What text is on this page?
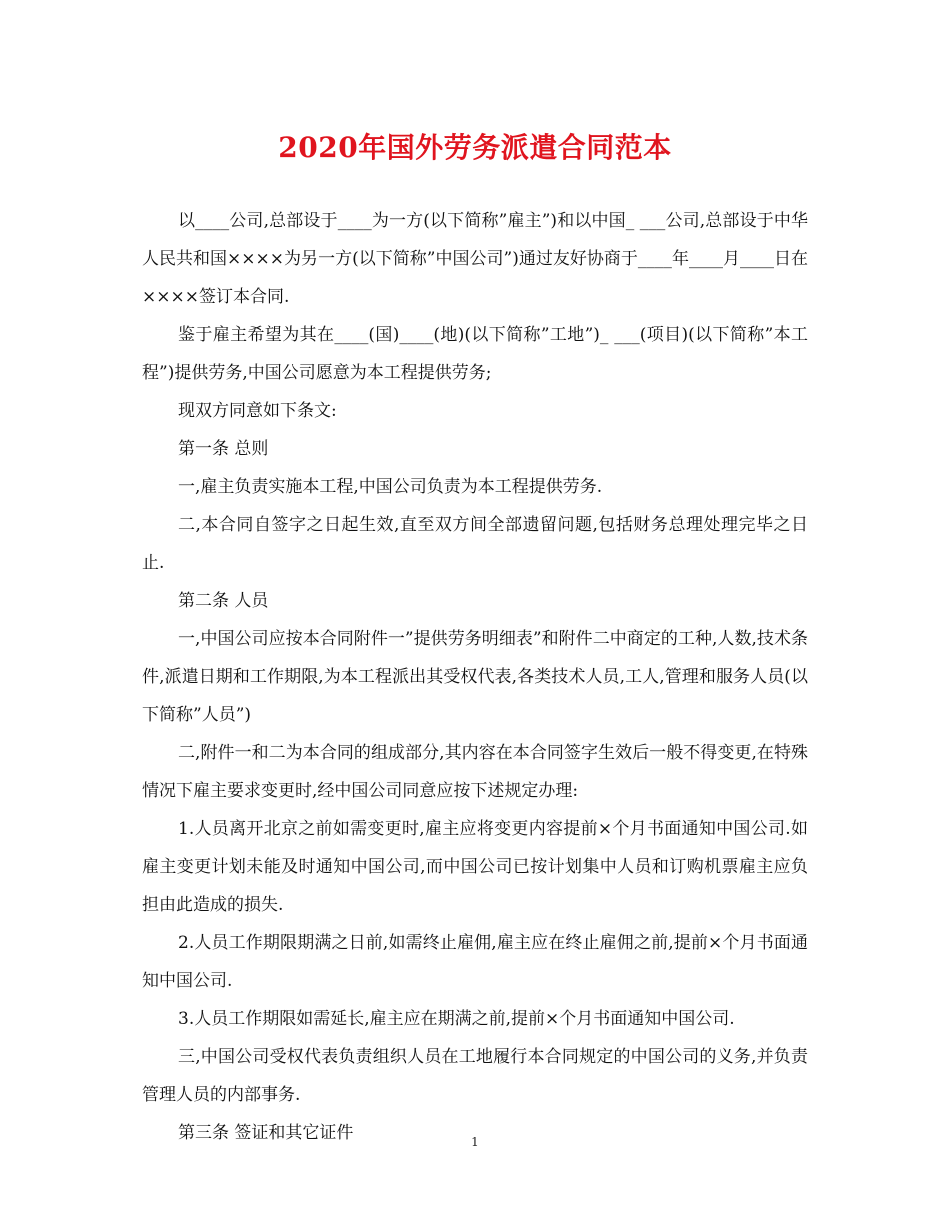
2020年国外劳务派遣合同范本

以____公司,总部设于____为一方(以下简称”雇主”)和以中国_ ___公司,总部设于中华人民共和国××××为另一方(以下简称”中国公司”)通过友好协商于____年____月____日在××××签订本合同.

鉴于雇主希望为其在____(国)____(地)(以下简称”工地”)_ ___(项目)(以下简称”本工程”)提供劳务,中国公司愿意为本工程提供劳务;

现双方同意如下条文:

第一条 总则

一,雇主负责实施本工程,中国公司负责为本工程提供劳务.

二,本合同自签字之日起生效,直至双方间全部遗留问题,包括财务总理处理完毕之日止.

第二条 人员

一,中国公司应按本合同附件一”提供劳务明细表”和附件二中商定的工种,人数,技术条件,派遣日期和工作期限,为本工程派出其受权代表,各类技术人员,工人,管理和服务人员(以下简称”人员”)

二,附件一和二为本合同的组成部分,其内容在本合同签字生效后一般不得变更,在特殊情况下雇主要求变更时,经中国公司同意应按下述规定办理:

1.人员离开北京之前如需变更时,雇主应将变更内容提前×个月书面通知中国公司.如雇主变更计划未能及时通知中国公司,而中国公司已按计划集中人员和订购机票雇主应负担由此造成的损失.

2.人员工作期限期满之日前,如需终止雇佣,雇主应在终止雇佣之前,提前×个月书面通知中国公司.

3.人员工作期限如需延长,雇主应在期满之前,提前×个月书面通知中国公司.

三,中国公司受权代表负责组织人员在工地履行本合同规定的中国公司的义务,并负责管理人员的内部事务.

第三条 签证和其它证件	1
